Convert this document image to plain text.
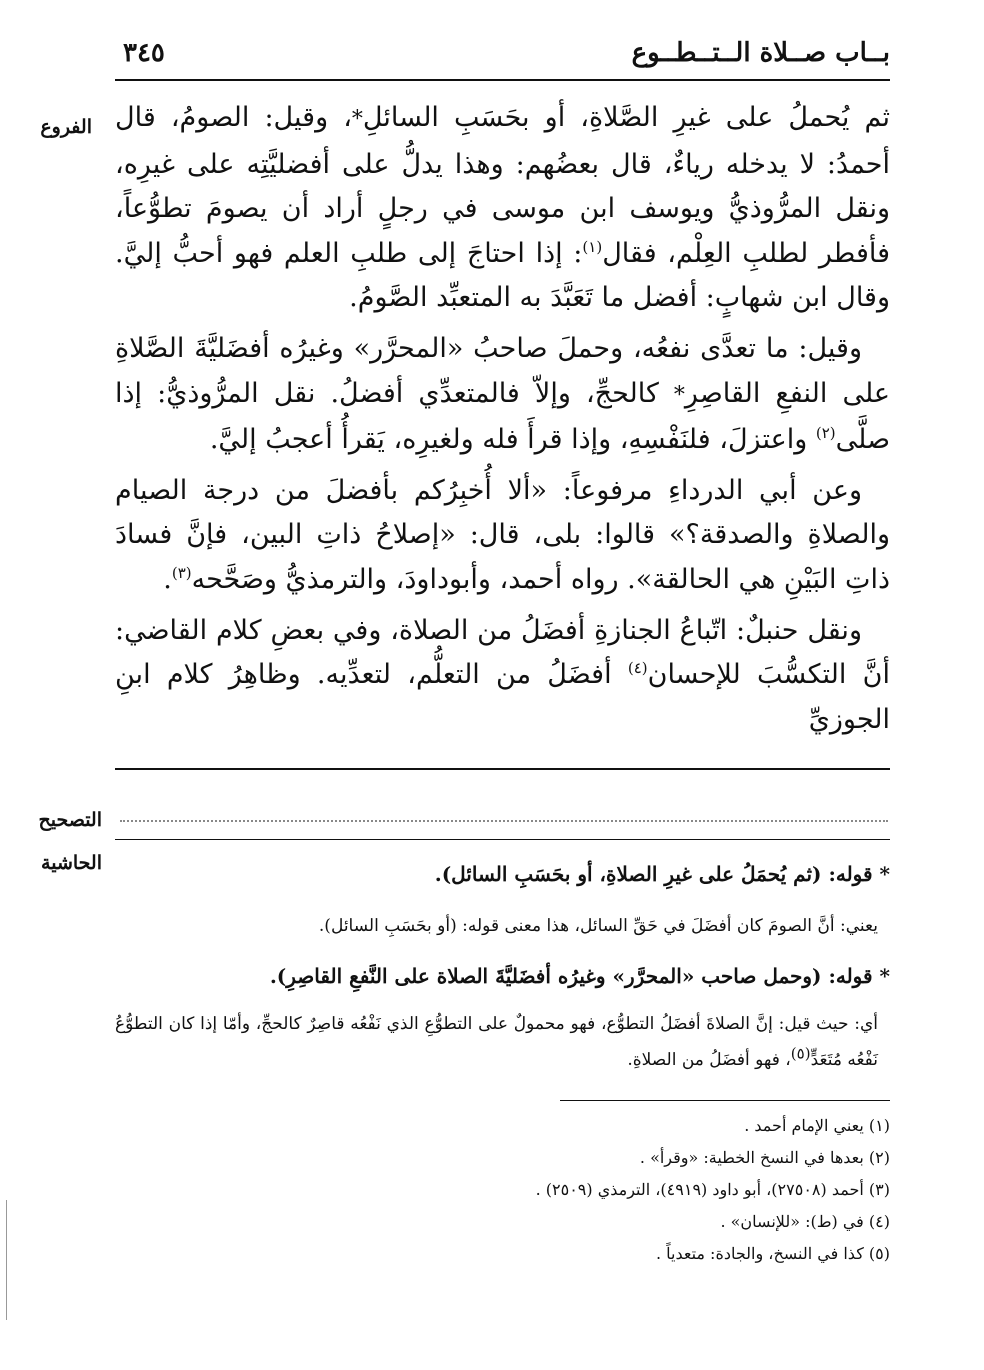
٣٤٥	بــاب صــلاة الــتــطــوع
الفروع
التصحيح
الحاشية

ثم يُحملُ على غيرِ الصَّلاةِ، أو بحَسَبِ السائلِ*، وقيل: الصومُ، قال أحمدُ: لا يدخله رياءٌ، قال بعضُهم: وهذا يدلُّ على أفضليَّتِه على غيرِه، ونقل المرُّوذيُّ ويوسف ابن موسى في رجلٍ أراد أن يصومَ تطوُّعاً، فأفطر لطلبِ العِلْم، فقال$^{(١)}$: إذا احتاجَ إلى طلبِ العلم فهو أحبُّ إليَّ. وقال ابن شهابٍ: أفضل ما تَعَبَّدَ به المتعبِّد الصَّومُ.

وقيل: ما تعدَّى نفعُه، وحملَ صاحبُ «المحرَّر» وغيرُه أفضَليَّةَ الصَّلاةِ على النفعِ القاصِرِ* كالحجِّ، وإلاّ فالمتعدِّي أفضلُ. نقل المرُّوذيُّ: إذا صلَّى$^{(٢)}$ واعتزلَ، فلنَفْسِهِ، وإذا قرأَ فله ولغيرِه، يَقرأُ أعجبُ إليَّ.

وعن أبي الدرداءِ مرفوعاً: «ألا أُخبِرُكم بأفضلَ من درجة الصيام والصلاةِ والصدقة؟» قالوا: بلى، قال: «إصلاحُ ذاتِ البين، فإنَّ فسادَ ذاتِ البَيْنِ هي الحالقة». رواه أحمد، وأبوداودَ، والترمذيُّ وصَحَّحه$^{(٣)}$.

ونقل حنبلٌ: اتّباعُ الجنازةِ أفضَلُ من الصلاة، وفي بعضِ كلام القاضي: أنَّ التكسُّبَ للإحسان$^{(٤)}$ أفضَلُ من التعلُّم، لتعدِّيه. وظاهِرُ كلام ابنِ الجوزيِّ

* قوله: (ثم يُحمَلُ على غيرِ الصلاةِ، أو بحَسَبِ السائل).
يعني: أنَّ الصومَ كان أفضَلَ في حَقِّ السائل، هذا معنى قوله: (أو بحَسَبِ السائل).
* قوله: (وحمل صاحب «المحرَّر» وغيرُه أفضَليَّةَ الصلاة على النَّفعِ القاصِرِ).
أي: حيث قيل: إنَّ الصلاةَ أفضَلُ التطوُّع، فهو محمولٌ على التطوُّعِ الذي نَفْعُه قاصِرٌ كالحجِّ، وأمّا إذا كان التطوُّعُ نَفْعُه مُتَعَدٍّ(٥)، فهو أفضَلُ من الصلاةِ.
(١) يعني الإمام أحمد .
(٢) بعدها في النسخ الخطية: «وقرأ» .
(٣) أحمد (٢٧٥٠٨)، أبو داود (٤٩١٩)، الترمذي (٢٥٠٩) .
(٤) في (ط): «للإنسان» .
(٥) كذا في النسخ، والجادة: متعدياً .
